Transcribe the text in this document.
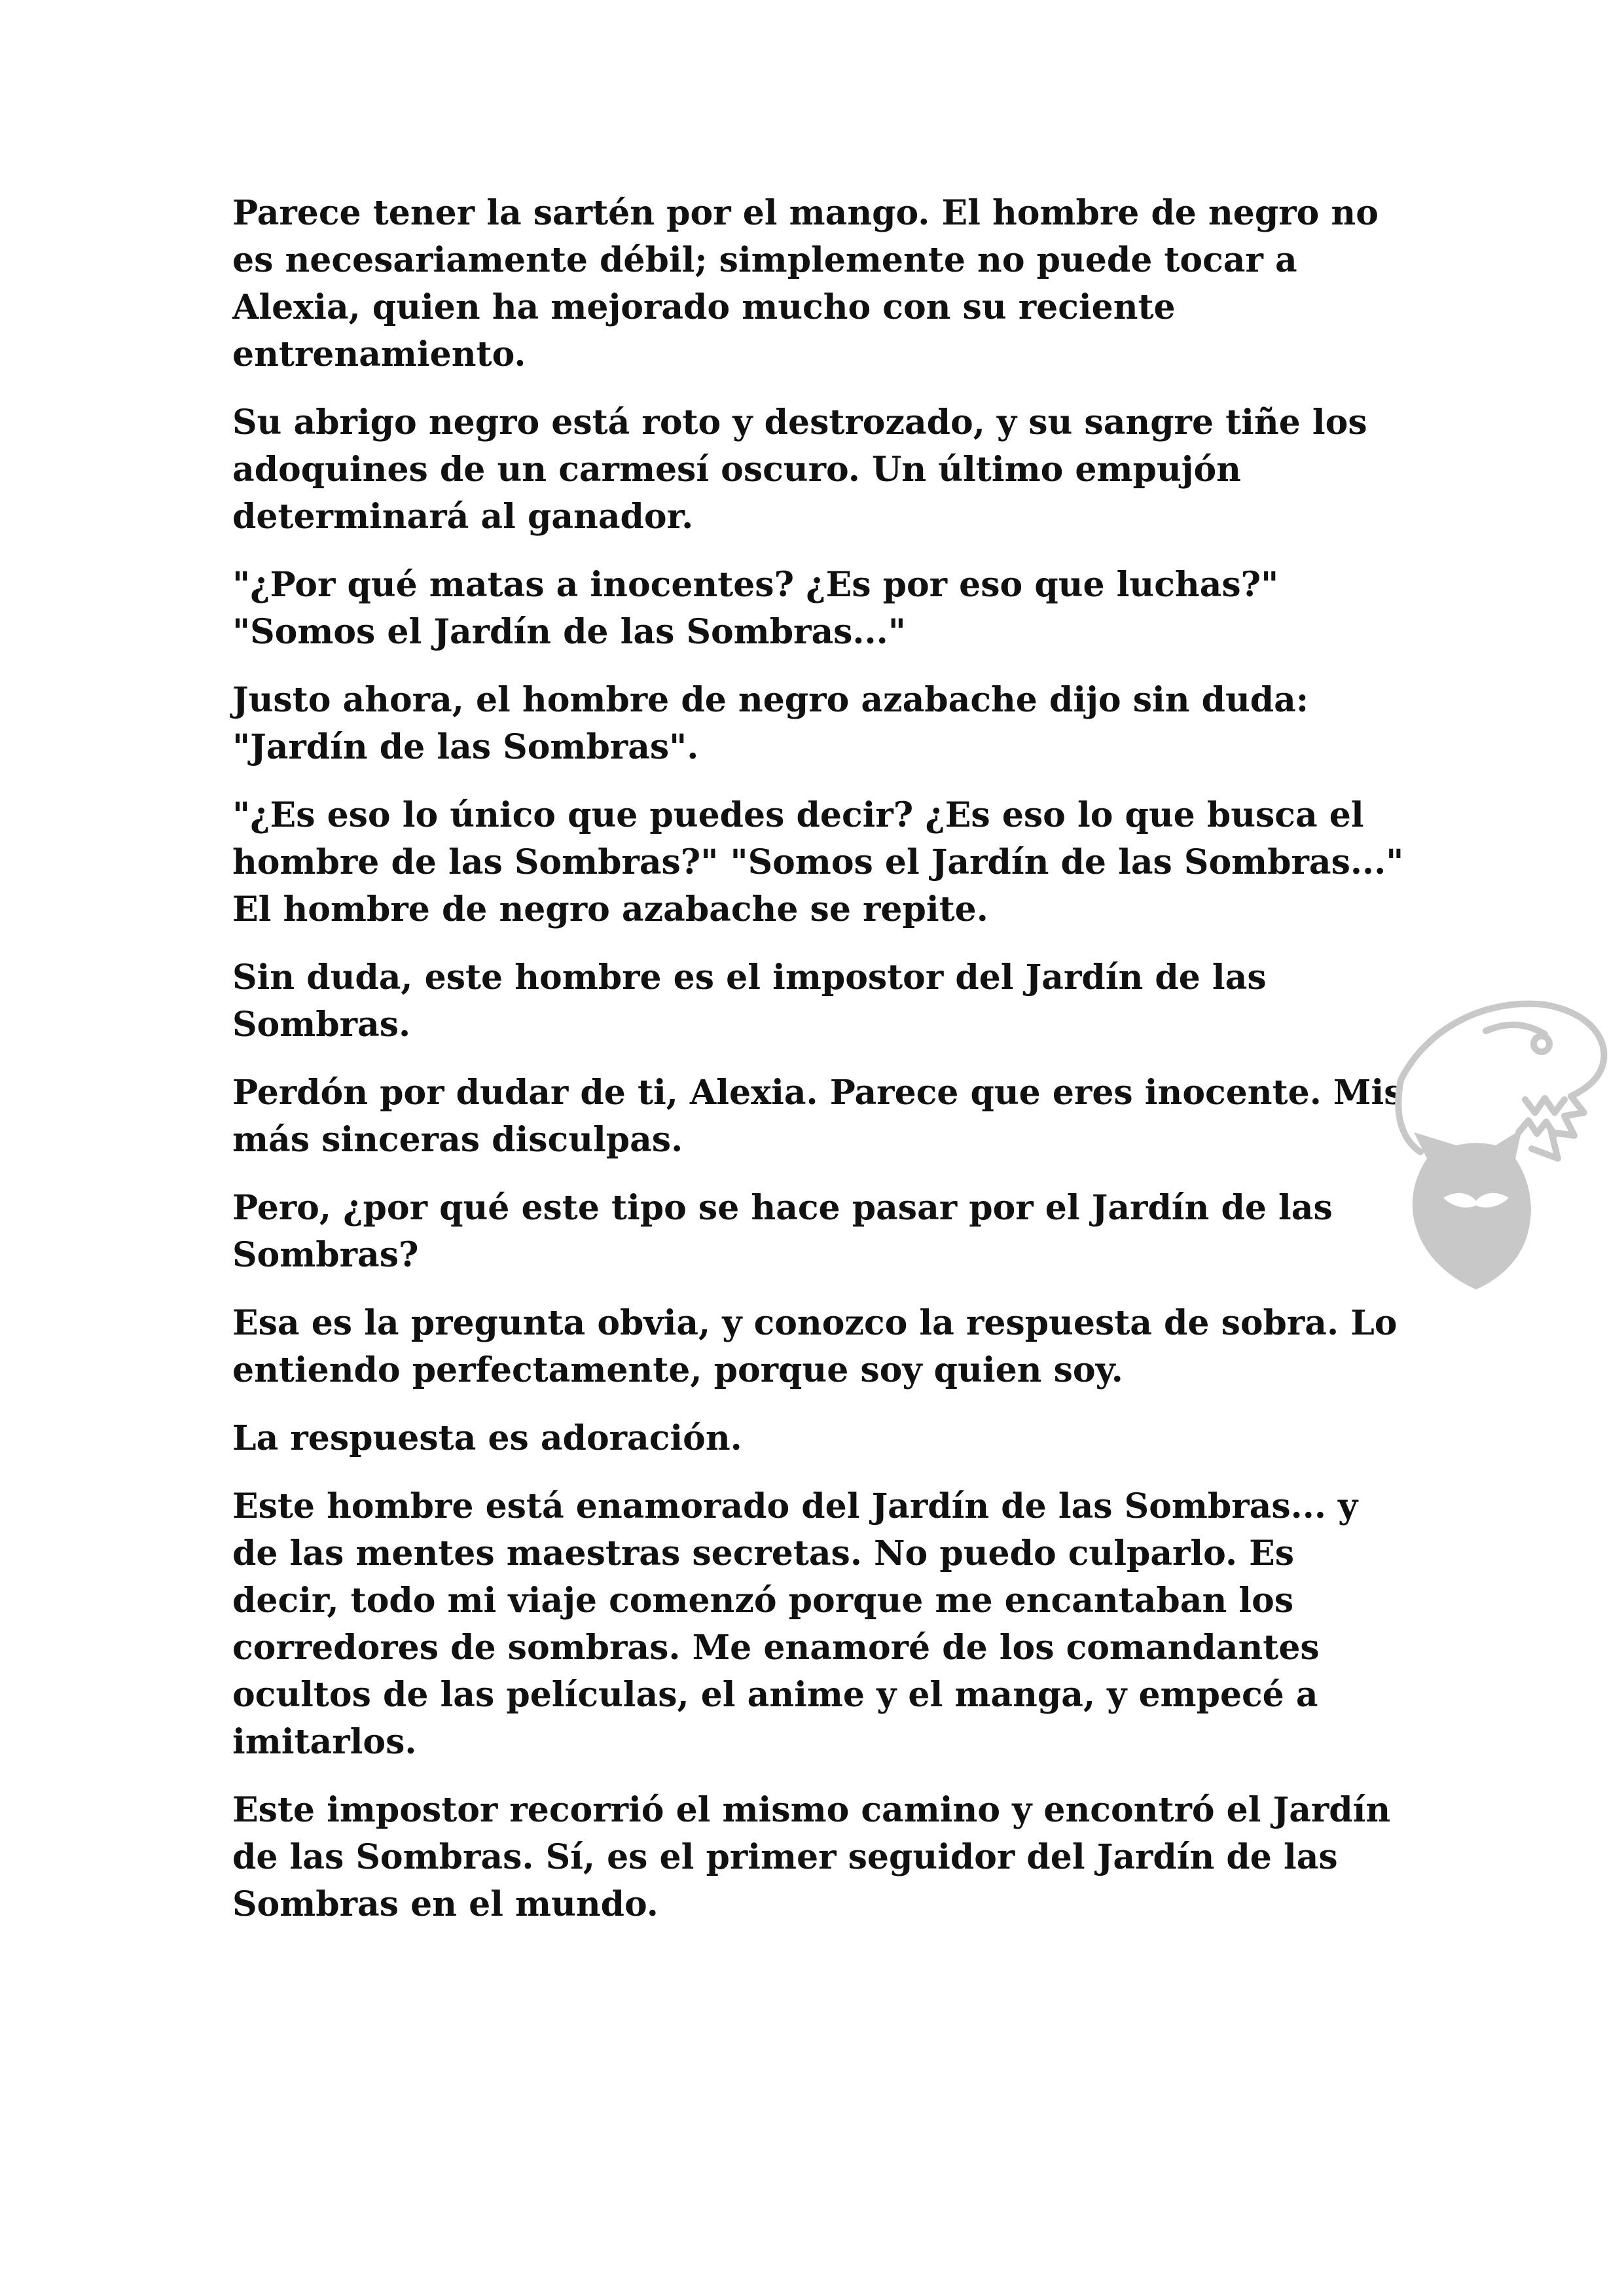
Parece tener la sartén por el mango. El hombre de negro no es necesariamente débil; simplemente no puede tocar a Alexia, quien ha mejorado mucho con su reciente entrenamiento.

Su abrigo negro está roto y destrozado, y su sangre tiñe los adoquines de un carmesí oscuro. Un último empujón determinará al ganador.

"¿Por qué matas a inocentes? ¿Es por eso que luchas?" "Somos el Jardín de las Sombras..."

Justo ahora, el hombre de negro azabache dijo sin duda: "Jardín de las Sombras".

"¿Es eso lo único que puedes decir? ¿Es eso lo que busca el hombre de las Sombras?" "Somos el Jardín de las Sombras..." El hombre de negro azabache se repite.

Sin duda, este hombre es el impostor del Jardín de las Sombras.

Perdón por dudar de ti, Alexia. Parece que eres inocente. Mis más sinceras disculpas.

Pero, ¿por qué este tipo se hace pasar por el Jardín de las Sombras?

Esa es la pregunta obvia, y conozco la respuesta de sobra. Lo entiendo perfectamente, porque soy quien soy.

La respuesta es adoración.

Este hombre está enamorado del Jardín de las Sombras... y de las mentes maestras secretas. No puedo culparlo. Es decir, todo mi viaje comenzó porque me encantaban los corredores de sombras. Me enamoré de los comandantes ocultos de las películas, el anime y el manga, y empecé a imitarlos.

Este impostor recorrió el mismo camino y encontró el Jardín de las Sombras. Sí, es el primer seguidor del Jardín de las Sombras en el mundo.
